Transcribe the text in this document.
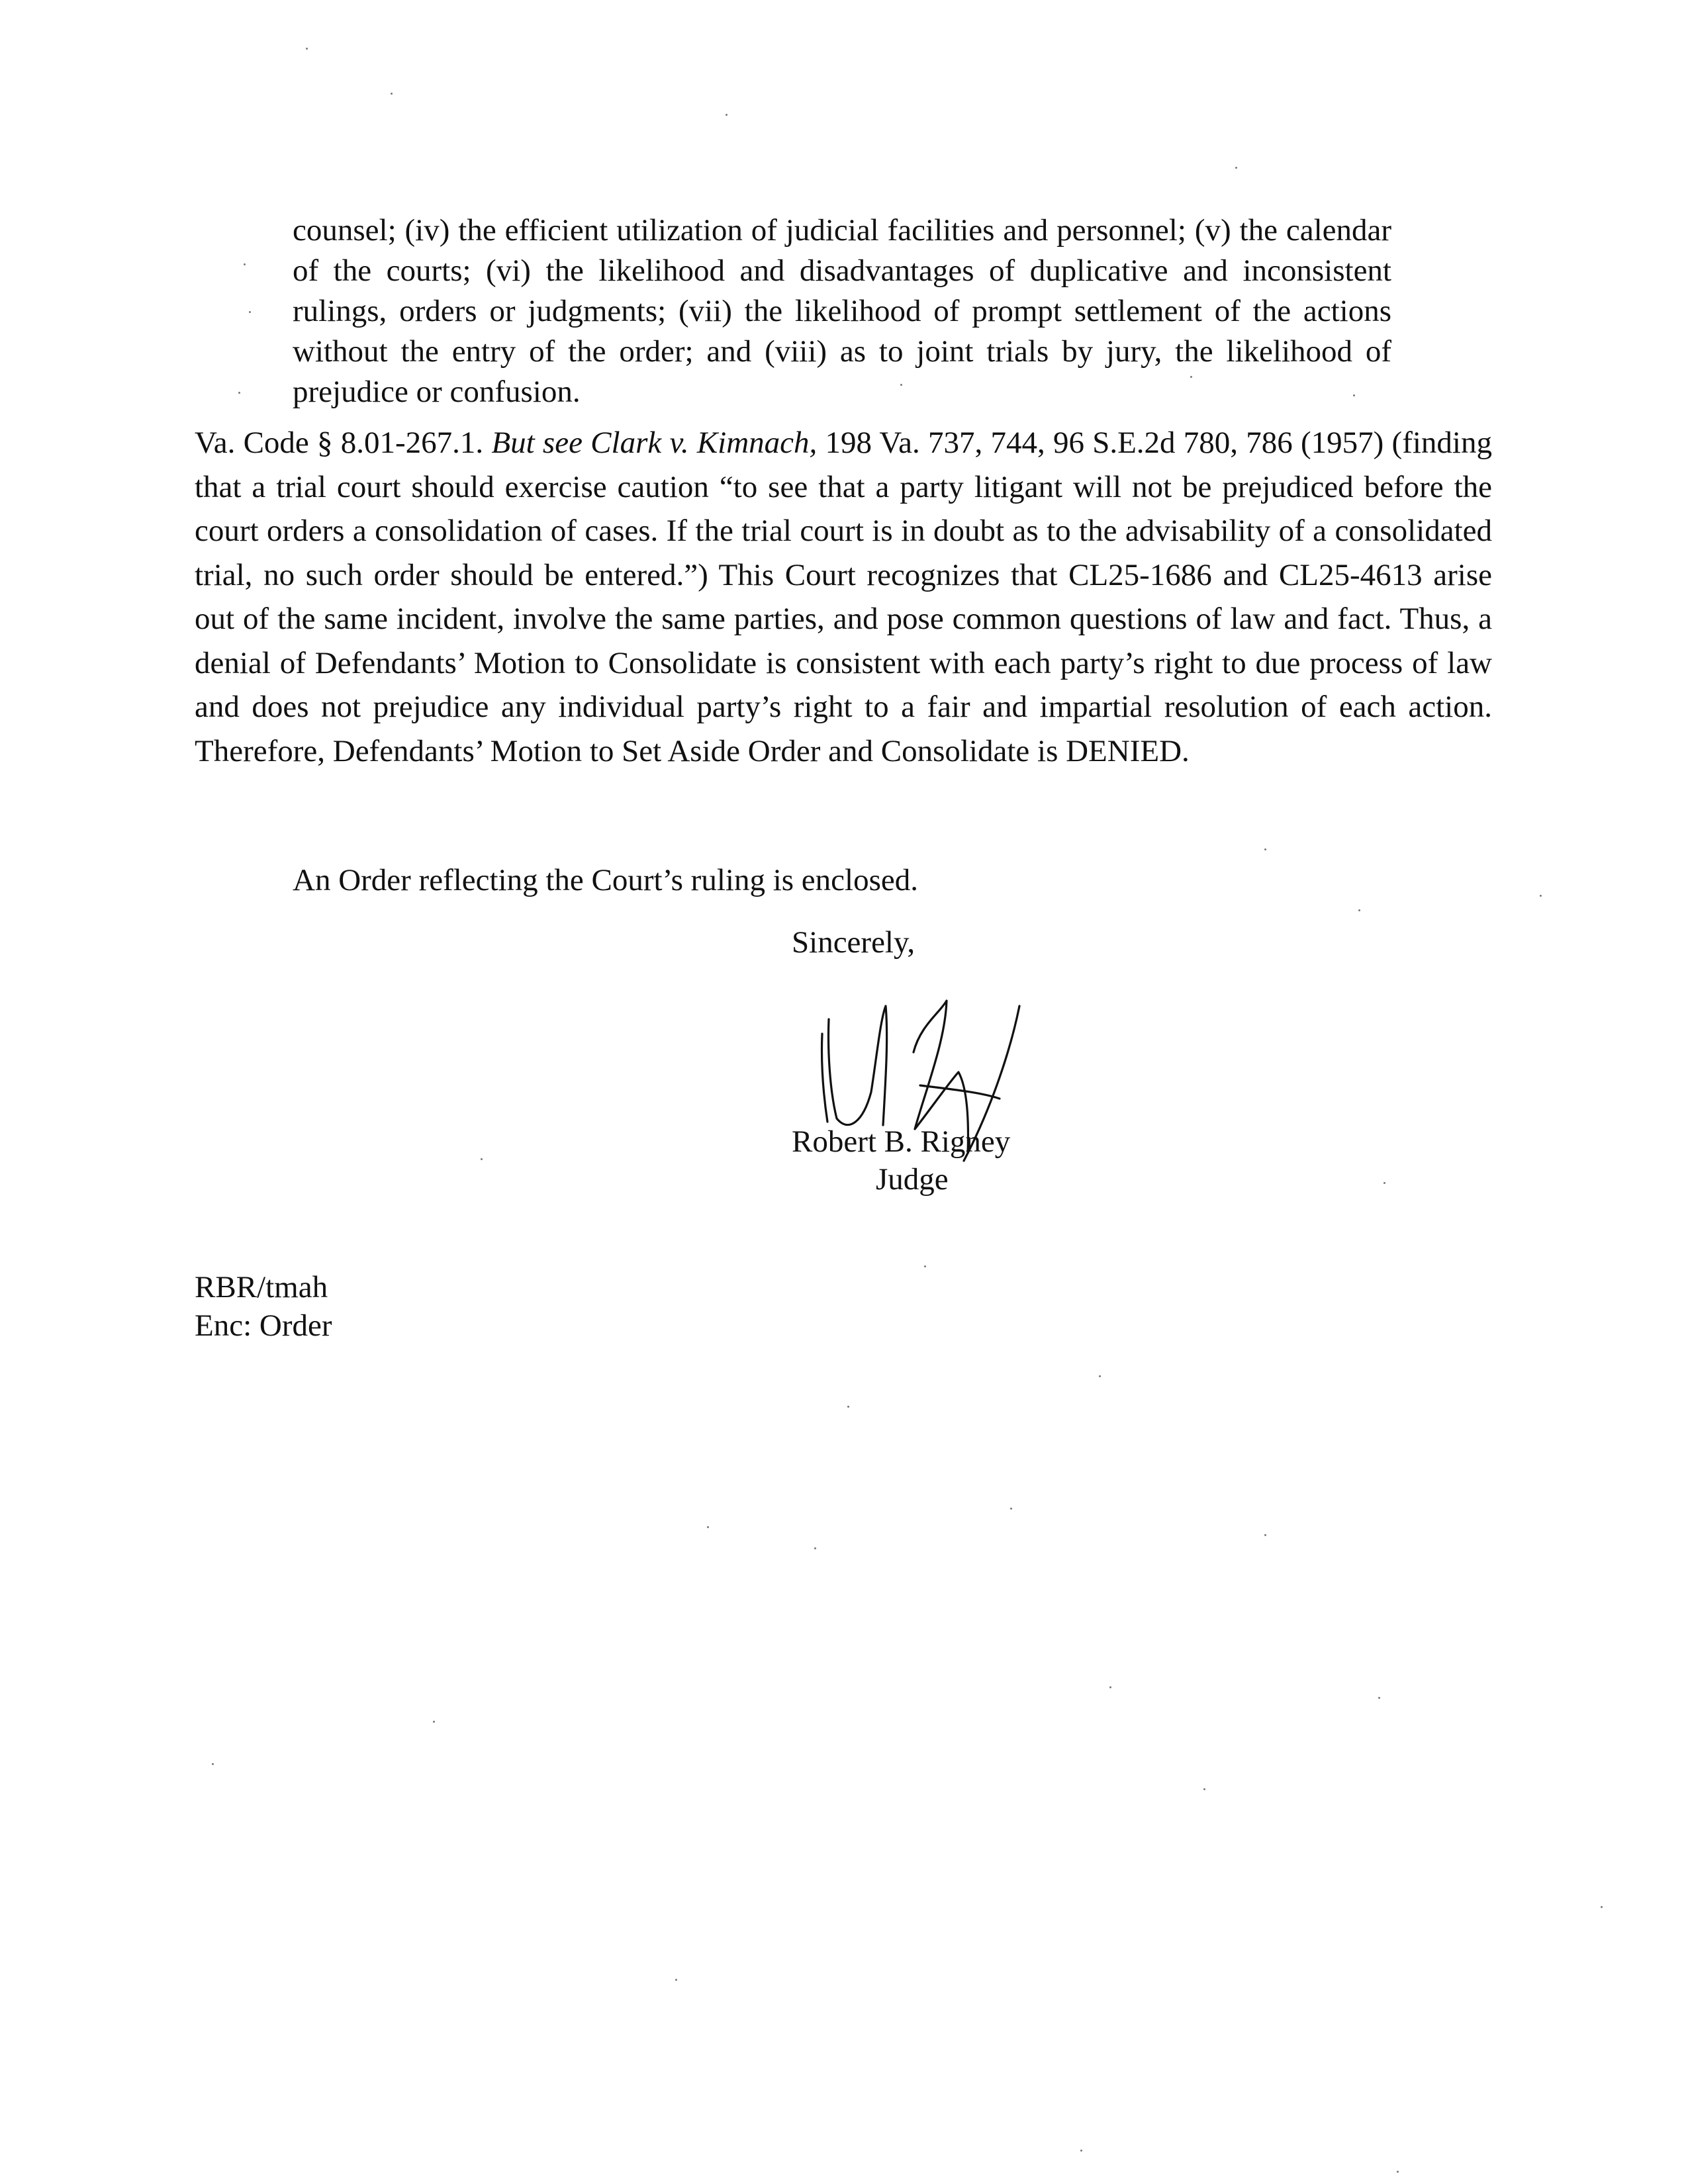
counsel; (iv) the efficient utilization of judicial facilities and personnel; (v) the calendar of the courts; (vi) the likelihood and disadvantages of duplicative and inconsistent rulings, orders or judgments; (vii) the likelihood of prompt settlement of the actions without the entry of the order; and (viii) as to joint trials by jury, the likelihood of prejudice or confusion.

Va. Code § 8.01-267.1. But see Clark v. Kimnach, 198 Va. 737, 744, 96 S.E.2d 780, 786 (1957) (finding that a trial court should exercise caution “to see that a party litigant will not be prejudiced before the court orders a consolidation of cases. If the trial court is in doubt as to the advisability of a consolidated trial, no such order should be entered.”) This Court recognizes that CL25-1686 and CL25-4613 arise out of the same incident, involve the same parties, and pose common questions of law and fact. Thus, a denial of Defendants’ Motion to Consolidate is consistent with each party’s right to due process of law and does not prejudice any individual party’s right to a fair and impartial resolution of each action. Therefore, Defendants’ Motion to Set Aside Order and Consolidate is DENIED.

An Order reflecting the Court’s ruling is enclosed.

Sincerely,

Robert B. Rigney

Judge

RBR/tmah

Enc: Order
